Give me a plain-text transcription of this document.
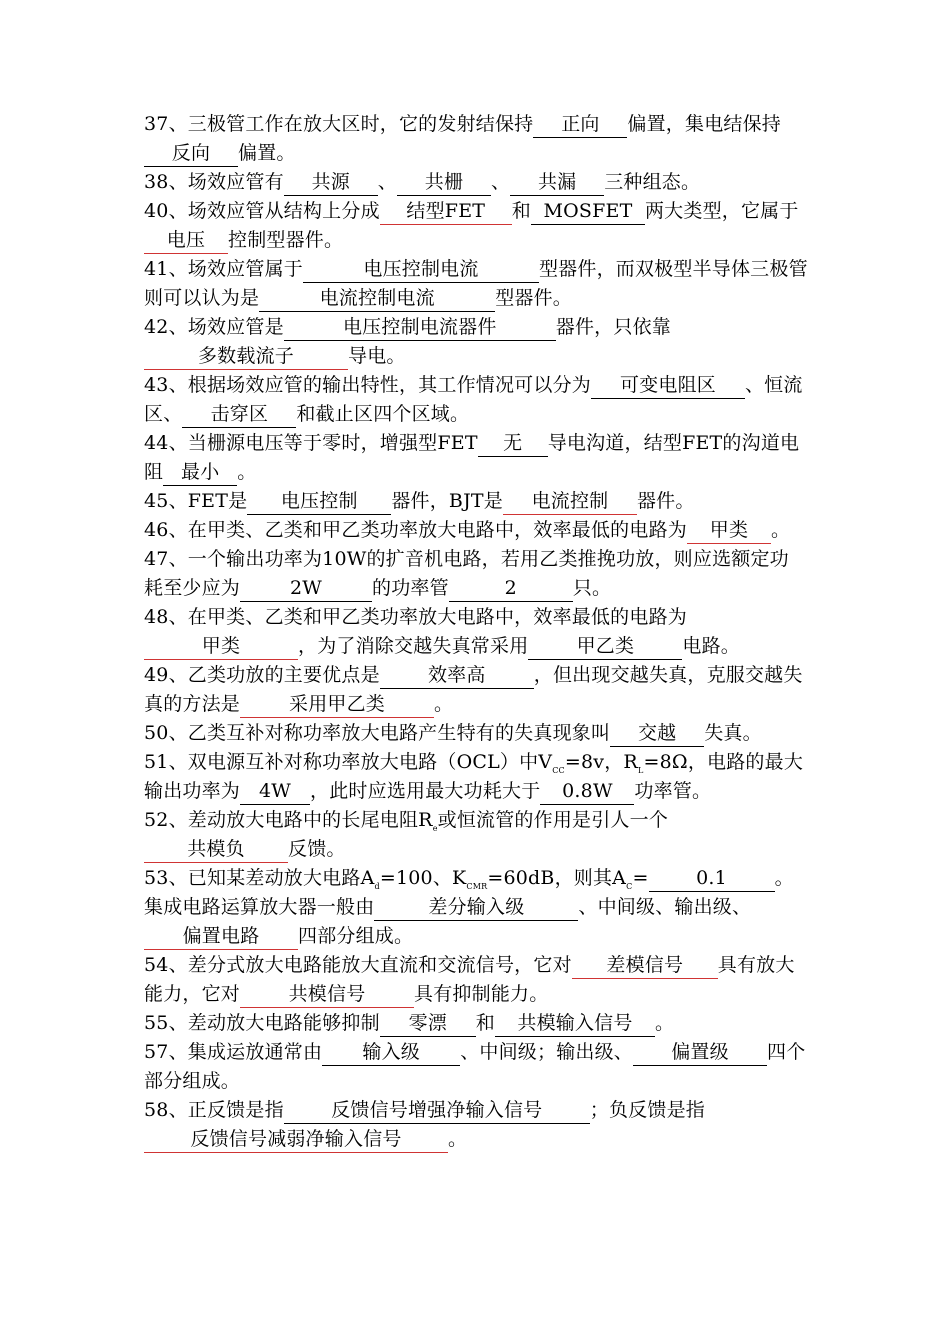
37、三极管工作在放大区时，它的发射结保持 正向 偏置，集电结保持反向 偏置。

38、场效应管有 共源 、 共栅 、 共漏 三种组态。

40、场效应管从结构上分成 结型FET 和 MOSFET 两大类型，它属于电压 控制型器件。

41、场效应管属于	电压控制电流	型器件，而双极型半导体三极管则可以认为是	电流控制电流	型器件。

42、场效应管是	电压控制电流器件	器件，只依靠多数载流子	导电。

43、根据场效应管的输出特性，其工作情况可以分为 可变电阻区 、恒流区、 击穿区 和截止区四个区域。

44、当栅源电压等于零时，增强型FET 无 导电沟道，结型FET的沟道电阻 最小 。

45、FET是 电压控制 器件，BJT是 电流控制 器件。

46、在甲类、乙类和甲乙类功率放大电路中，效率最低的电路为 甲类 。

47、一个输出功率为10W的扩音机电路，若用乙类推挽功放，则应选额定功耗至少应为	2W	的功率管	2	只。

48、在甲类、乙类和甲乙类功率放大电路中，效率最低的电路为甲类	，为了消除交越失真常采用	甲乙类	电路。

49、乙类功放的主要优点是	效率高	，但出现交越失真，克服交越失真的方法是	采用甲乙类	。

50、乙类互补对称功率放大电路产生特有的失真现象叫 交越 失真。

51、双电源互补对称功率放大电路（OCL）中$V_{CC}=8v$，$R_L=8\Omega$，电路的最大输出功率为 4W ，此时应选用最大功耗大于 0.8W 功率管。

52、差动放大电路中的长尾电阻$R_e$或恒流管的作用是引人一个共模负 反馈。

53、已知某差动放大电路$A_d=100$、$K_{CMR}=60dB$，则其$A_C=$	0.1	。集成电路运算放大器一般由	差分输入级	、中间级、输出级、偏置电路 四部分组成。

54、差分式放大电路能放大直流和交流信号，它对 差模信号 具有放大能力，它对	共模信号	具有抑制能力。

55、差动放大电路能够抑制 零漂 和 共模输入信号 。

57、集成运放通常由 输入级 、中间级；输出级、 偏置级 四个部分组成。

58、正反馈是指 反馈信号增强净输入信号 ；负反馈是指反馈信号减弱净输入信号 。
